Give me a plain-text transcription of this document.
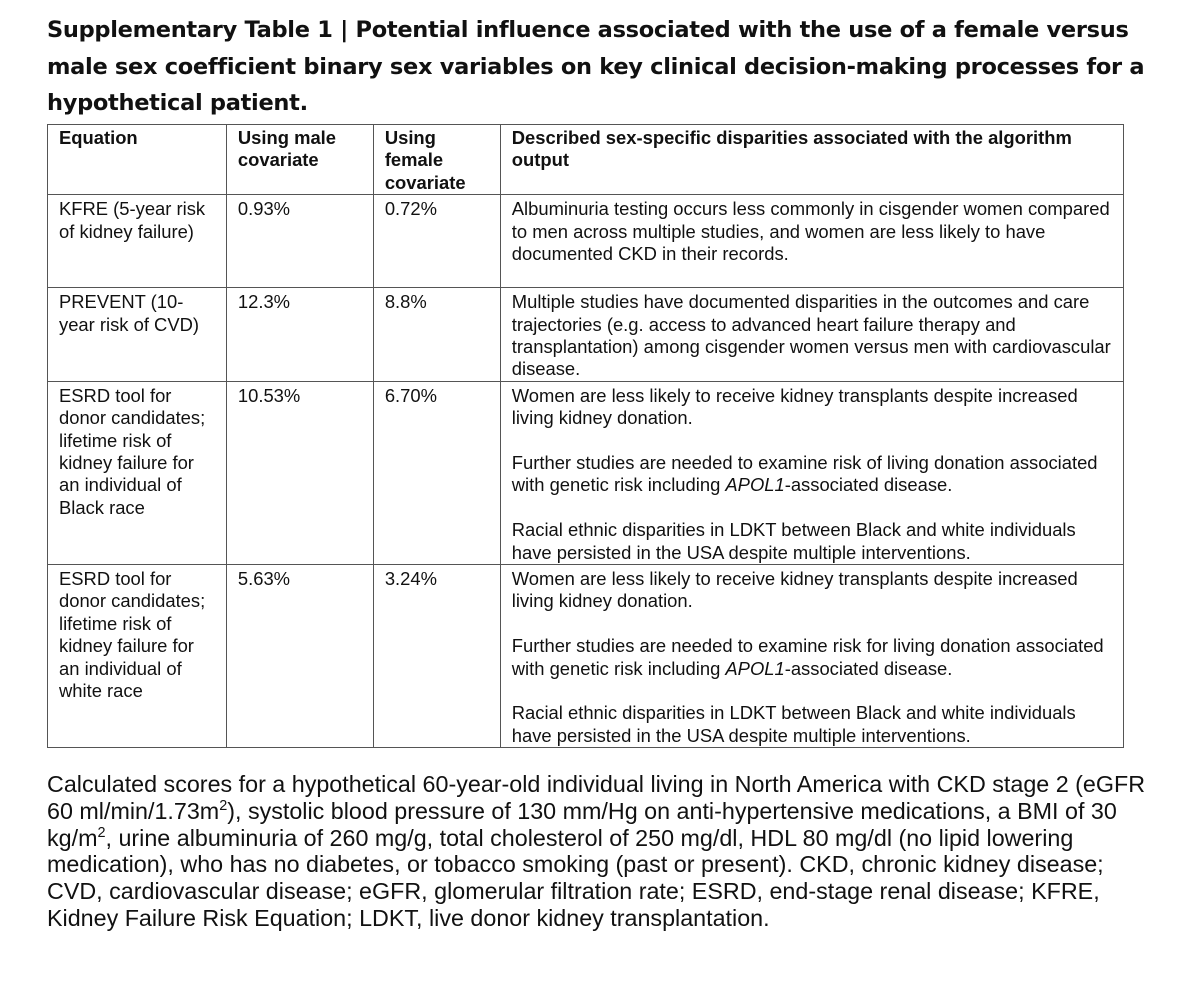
Supplementary Table 1 | Potential influence associated with the use of a female versus male sex coefficient binary sex variables on key clinical decision-making processes for a hypothetical patient.
Equation	Using male covariate	Using female covariate	Described sex-specific disparities associated with the algorithm output
KFRE (5-year risk of kidney failure)	0.93%	0.72%	Albuminuria testing occurs less commonly in cisgender women compared to men across multiple studies, and women are less likely to have documented CKD in their records.

PREVENT (10-year risk of CVD)	12.3%	8.8%	Multiple studies have documented disparities in the outcomes and care trajectories (e.g. access to advanced heart failure therapy and transplantation) among cisgender women versus men with cardiovascular disease.

ESRD tool for donor candidates; lifetime risk of kidney failure for an individual of Black race	10.53%	6.70%	Women are less likely to receive kidney transplants despite increased living kidney donation.
Further studies are needed to examine risk of living donation associated with genetic risk including APOL1-associated disease.
Racial ethnic disparities in LDKT between Black and white individuals have persisted in the USA despite multiple interventions.

ESRD tool for donor candidates; lifetime risk of kidney failure for an individual of white race	5.63%	3.24%	Women are less likely to receive kidney transplants despite increased living kidney donation.
Further studies are needed to examine risk for living donation associated with genetic risk including APOL1-associated disease.
Racial ethnic disparities in LDKT between Black and white individuals have persisted in the USA despite multiple interventions.

Calculated scores for a hypothetical 60-year-old individual living in North America with CKD stage 2 (eGFR 60 $ml/\min/1.73m^2$), systolic blood pressure of 130 mm/Hg on anti-hypertensive medications, a BMI of 30 $kg/m^2$, urine albuminuria of 260 mg/g, total cholesterol of 250 mg/dl, HDL 80 mg/dl (no lipid lowering medication), who has no diabetes, or tobacco smoking (past or present). CKD, chronic kidney disease; CVD, cardiovascular disease; eGFR, glomerular filtration rate; ESRD, end-stage renal disease; KFRE, Kidney Failure Risk Equation; LDKT, live donor kidney transplantation.
